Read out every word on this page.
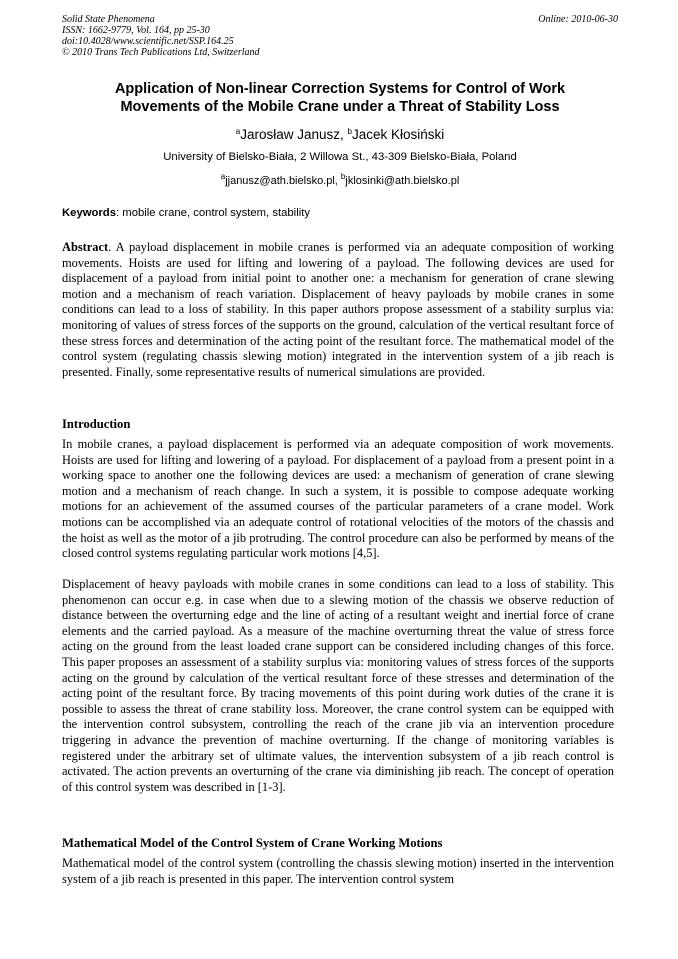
Solid State Phenomena
ISSN: 1662-9779, Vol. 164, pp 25-30
doi:10.4028/www.scientific.net/SSP.164.25
© 2010 Trans Tech Publications Ltd, Switzerland
Online: 2010-06-30
Application of Non-linear Correction Systems for Control of Work
Movements of the Mobile Crane under a Threat of Stability Loss
$^a$Jarosław Janusz, $^b$Jacek Kłosiński
University of Bielsko-Biała, 2 Willowa St., 43-309 Bielsko-Biała, Poland
$^a$jjanusz@ath.bielsko.pl, $^b$jklosinki@ath.bielsko.pl
Keywords: mobile crane, control system, stability
Abstract. A payload displacement in mobile cranes is performed via an adequate composition of working movements. Hoists are used for lifting and lowering of a payload. The following devices are used for displacement of a payload from initial point to another one: a mechanism for generation of crane slewing motion and a mechanism of reach variation. Displacement of heavy payloads by mobile cranes in some conditions can lead to a loss of stability. In this paper authors propose assessment of a stability surplus via: monitoring of values of stress forces of the supports on the ground, calculation of the vertical resultant force of these stress forces and determination of the acting point of the resultant force. The mathematical model of the control system (regulating chassis slewing motion) integrated in the intervention system of a jib reach is presented. Finally, some representative results of numerical simulations are provided.
Introduction
In mobile cranes, a payload displacement is performed via an adequate composition of work movements. Hoists are used for lifting and lowering of a payload. For displacement of a payload from a present point in a working space to another one the following devices are used: a mechanism of generation of crane slewing motion and a mechanism of reach change. In such a system, it is possible to compose adequate working motions for an achievement of the assumed courses of the particular parameters of a crane model. Work motions can be accomplished via an adequate control of rotational velocities of the motors of the chassis and the hoist as well as the motor of a jib protruding. The control procedure can also be performed by means of the closed control systems regulating particular work motions [4,5].
Displacement of heavy payloads with mobile cranes in some conditions can lead to a loss of stability. This phenomenon can occur e.g. in case when due to a slewing motion of the chassis we observe reduction of distance between the overturning edge and the line of acting of a resultant weight and inertial force of crane elements and the carried payload. As a measure of the machine overturning threat the value of stress force acting on the ground from the least loaded crane support can be considered including changes of this force. This paper proposes an assessment of a stability surplus via: monitoring values of stress forces of the supports acting on the ground by calculation of the vertical resultant force of these stresses and determination of the acting point of the resultant force. By tracing movements of this point during work duties of the crane it is possible to assess the threat of crane stability loss. Moreover, the crane control system can be equipped with the intervention control subsystem, controlling the reach of the crane jib via an intervention procedure triggering in advance the prevention of machine overturning. If the change of monitoring variables is registered under the arbitrary set of ultimate values, the intervention subsystem of a jib reach control is activated. The action prevents an overturning of the crane via diminishing jib reach. The concept of operation of this control system was described in [1-3].
Mathematical Model of the Control System of Crane Working Motions
Mathematical model of the control system (controlling the chassis slewing motion) inserted in the intervention system of a jib reach is presented in this paper. The intervention control system
